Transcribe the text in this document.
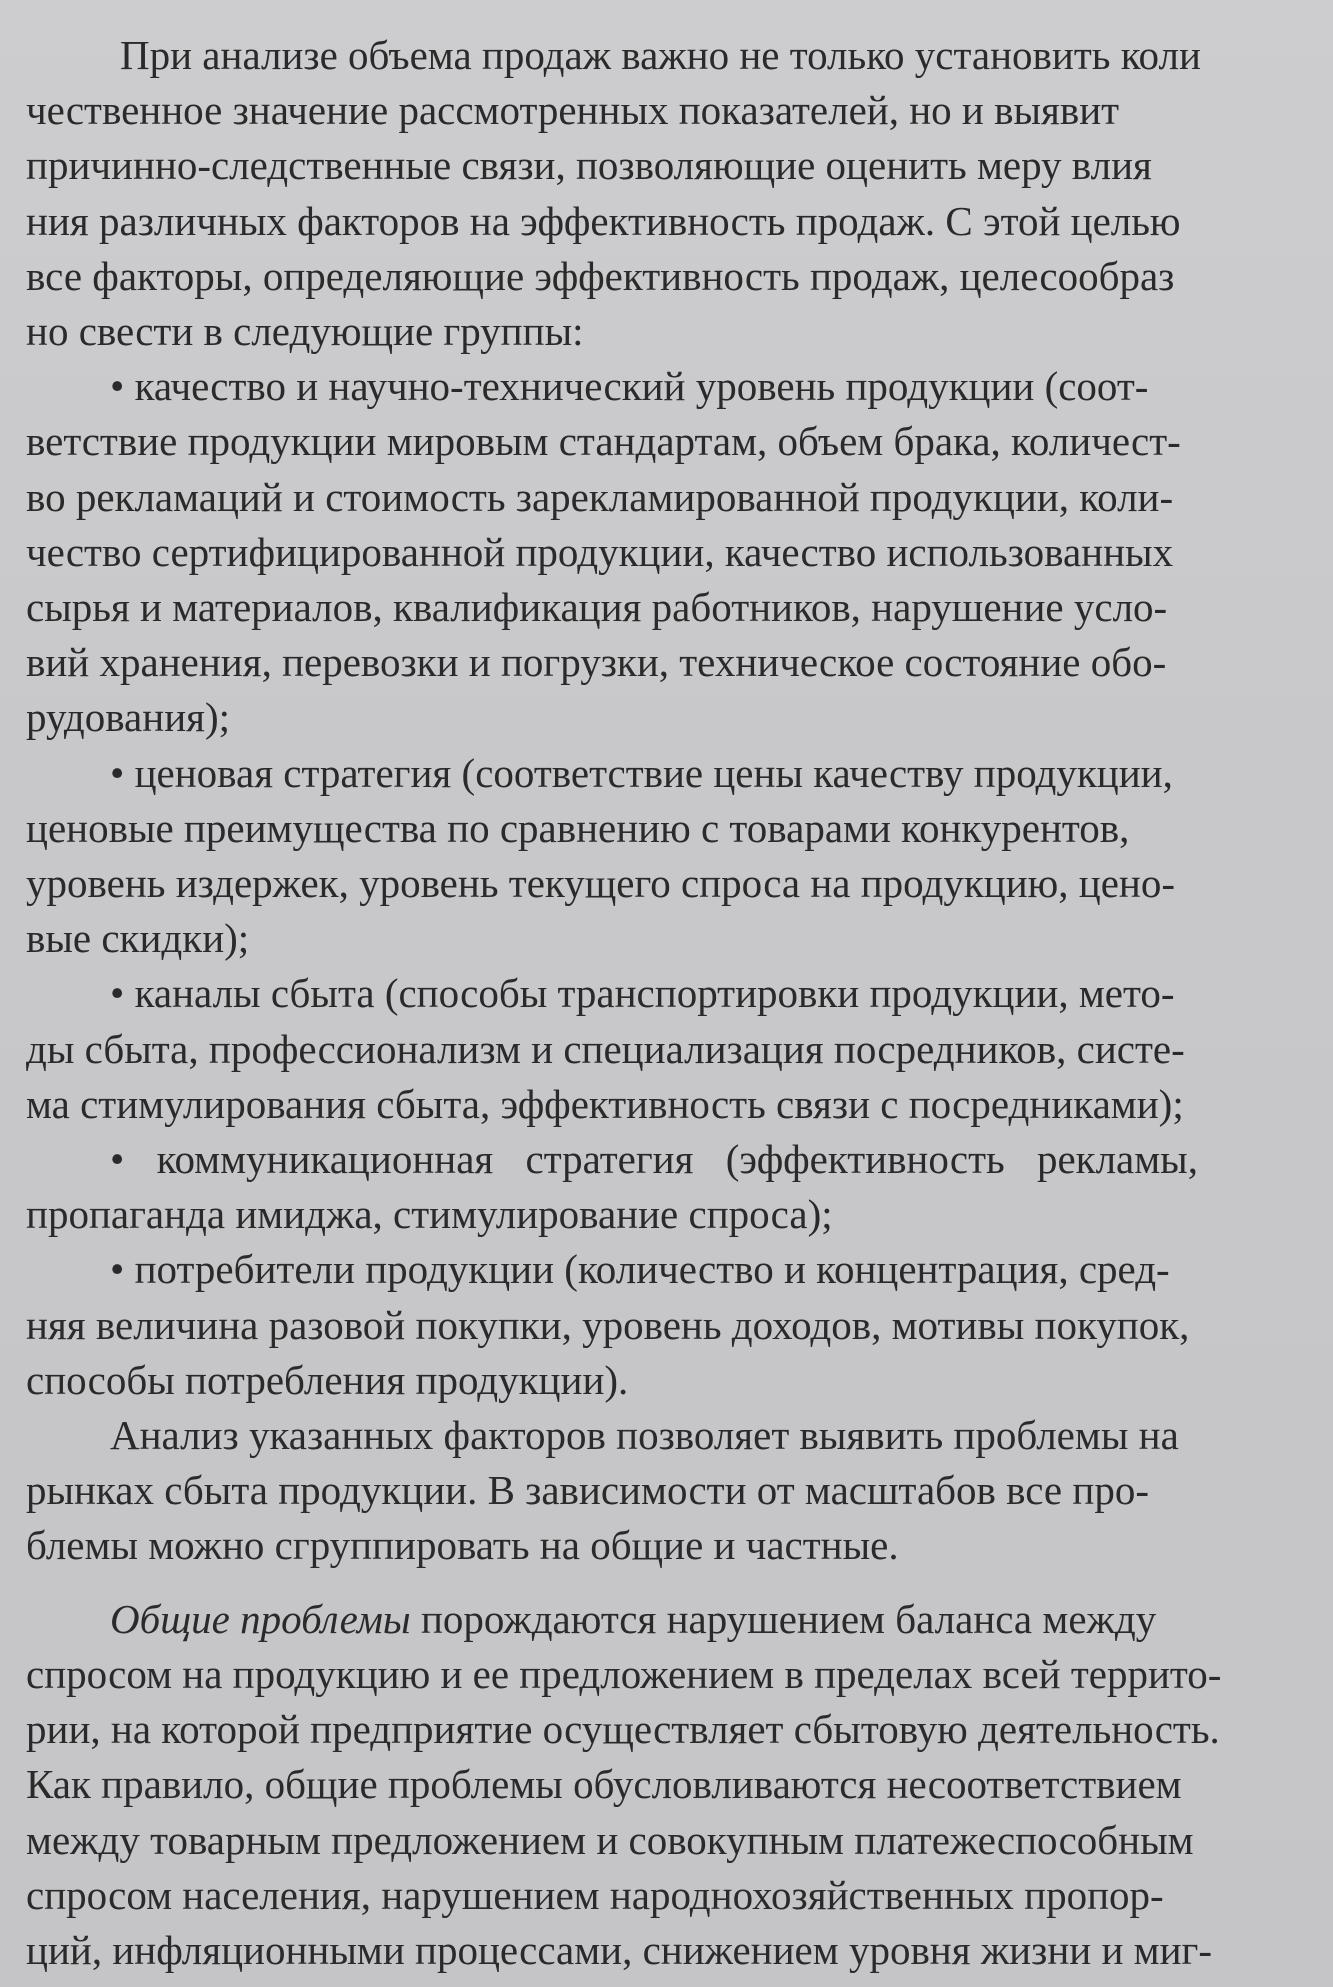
При анализе объема продаж важно не только установить коли
чественное значение рассмотренных показателей, но и выявит
причинно-следственные связи, позволяющие оценить меру влия
ния различных факторов на эффективность продаж. С этой целью
все факторы, определяющие эффективность продаж, целесообраз
но свести в следующие группы:
• качество и научно-технический уровень продукции (соот-
ветствие продукции мировым стандартам, объем брака, количест-
во рекламаций и стоимость зарекламированной продукции, коли-
чество сертифицированной продукции, качество использованных
сырья и материалов, квалификация работников, нарушение усло-
вий хранения, перевозки и погрузки, техническое состояние обо-
рудования);
• ценовая стратегия (соответствие цены качеству продукции,
ценовые преимущества по сравнению с товарами конкурентов,
уровень издержек, уровень текущего спроса на продукцию, цено-
вые скидки);
• каналы сбыта (способы транспортировки продукции, мето-
ды сбыта, профессионализм и специализация посредников, систе-
ма стимулирования сбыта, эффективность связи с посредниками);
• коммуникационная стратегия (эффективность рекламы,
пропаганда имиджа, стимулирование спроса);
• потребители продукции (количество и концентрация, сред-
няя величина разовой покупки, уровень доходов, мотивы покупок,
способы потребления продукции).
Анализ указанных факторов позволяет выявить проблемы на
рынках сбыта продукции. В зависимости от масштабов все про-
блемы можно сгруппировать на общие и частные.
Общие проблемы порождаются нарушением баланса между
спросом на продукцию и ее предложением в пределах всей террито-
рии, на которой предприятие осуществляет сбытовую деятельность.
Как правило, общие проблемы обусловливаются несоответствием
между товарным предложением и совокупным платежеспособным
спросом населения, нарушением народнохозяйственных пропор-
ций, инфляционными процессами, снижением уровня жизни и миг-
